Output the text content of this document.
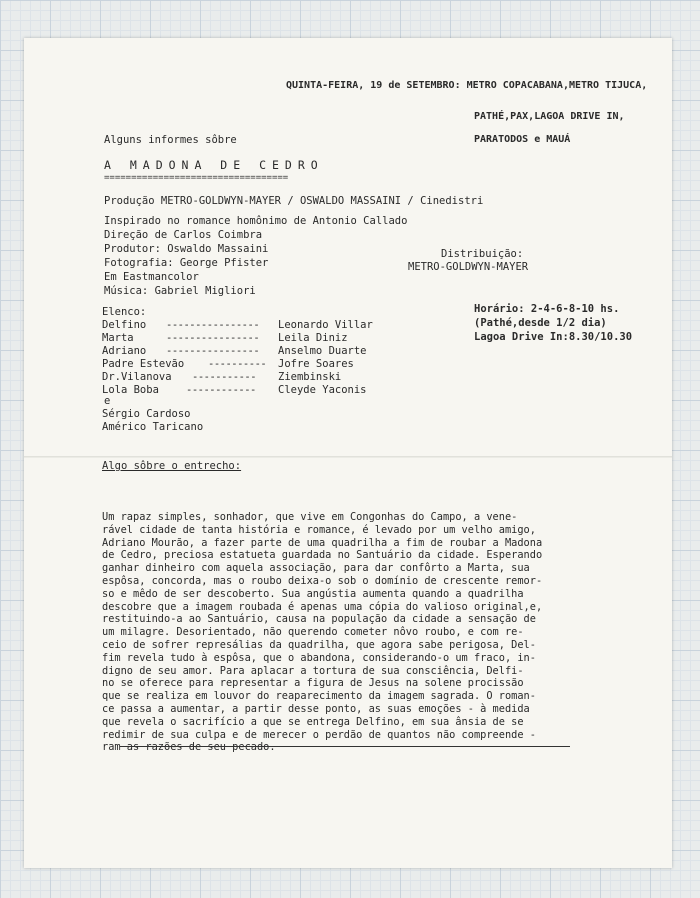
QUINTA-FEIRA, 19 de SETEMBRO: METRO COPACABANA,METRO TIJUCA,
PATHÉ,PAX,LAGOA DRIVE IN,
PARATODOS e MAUÁ
Alguns informes sôbre
A MADONA DE CEDRO
==================================
Produção METRO-GOLDWYN-MAYER / OSWALDO MASSAINI / Cinedistri
Inspirado no romance homônimo de Antonio Callado
Direção de Carlos Coimbra
Produtor: Oswaldo Massaini
Fotografia: George Pfister
Em Eastmancolor
Música: Gabriel Migliori
Distribuição:
METRO-GOLDWYN-MAYER
Horário: 2-4-6-8-10 hs.
(Pathé,desde 1/2 dia)
Lagoa Drive In:8.30/10.30
Elenco:
Delfino ---------------- Leonardo Villar
Marta	---------------- Leila Diniz
Adriano ---------------- Anselmo Duarte
Padre Estevão ---------- Jofre Soares
Dr.Vilanova ----------- Ziembinski
Lola Boba	------------ Cleyde Yaconis
e
Sérgio Cardoso
Américo Taricano
Algo sôbre o entrecho:
Um rapaz simples, sonhador, que vive em Congonhas do Campo, a vene-
rável cidade de tanta história e romance, é levado por um velho amigo,
Adriano Mourão, a fazer parte de uma quadrilha a fim de roubar a Madona
de Cedro, preciosa estatueta guardada no Santuário da cidade. Esperando
ganhar dinheiro com aquela associação, para dar confôrto a Marta, sua
espôsa, concorda, mas o roubo deixa-o sob o domínio de crescente remor-
so e mêdo de ser descoberto. Sua angústia aumenta quando a quadrilha
descobre que a imagem roubada é apenas uma cópia do valioso original,e,
restituindo-a ao Santuário, causa na população da cidade a sensação de
um milagre. Desorientado, não querendo cometer nôvo roubo, e com re-
ceio de sofrer represálias da quadrilha, que agora sabe perigosa, Del-
fim revela tudo à espôsa, que o abandona, considerando-o um fraco, in-
digno de seu amor. Para aplacar a tortura de sua consciência, Delfi-
no se oferece para representar a figura de Jesus na solene procissão
que se realiza em louvor do reaparecimento da imagem sagrada. O roman-
ce passa a aumentar, a partir desse ponto, as suas emoções - à medida
que revela o sacrifício a que se entrega Delfino, em sua ânsia de se
redimir de sua culpa e de merecer o perdão de quantos não compreende -
ram as razões de seu pecado.
